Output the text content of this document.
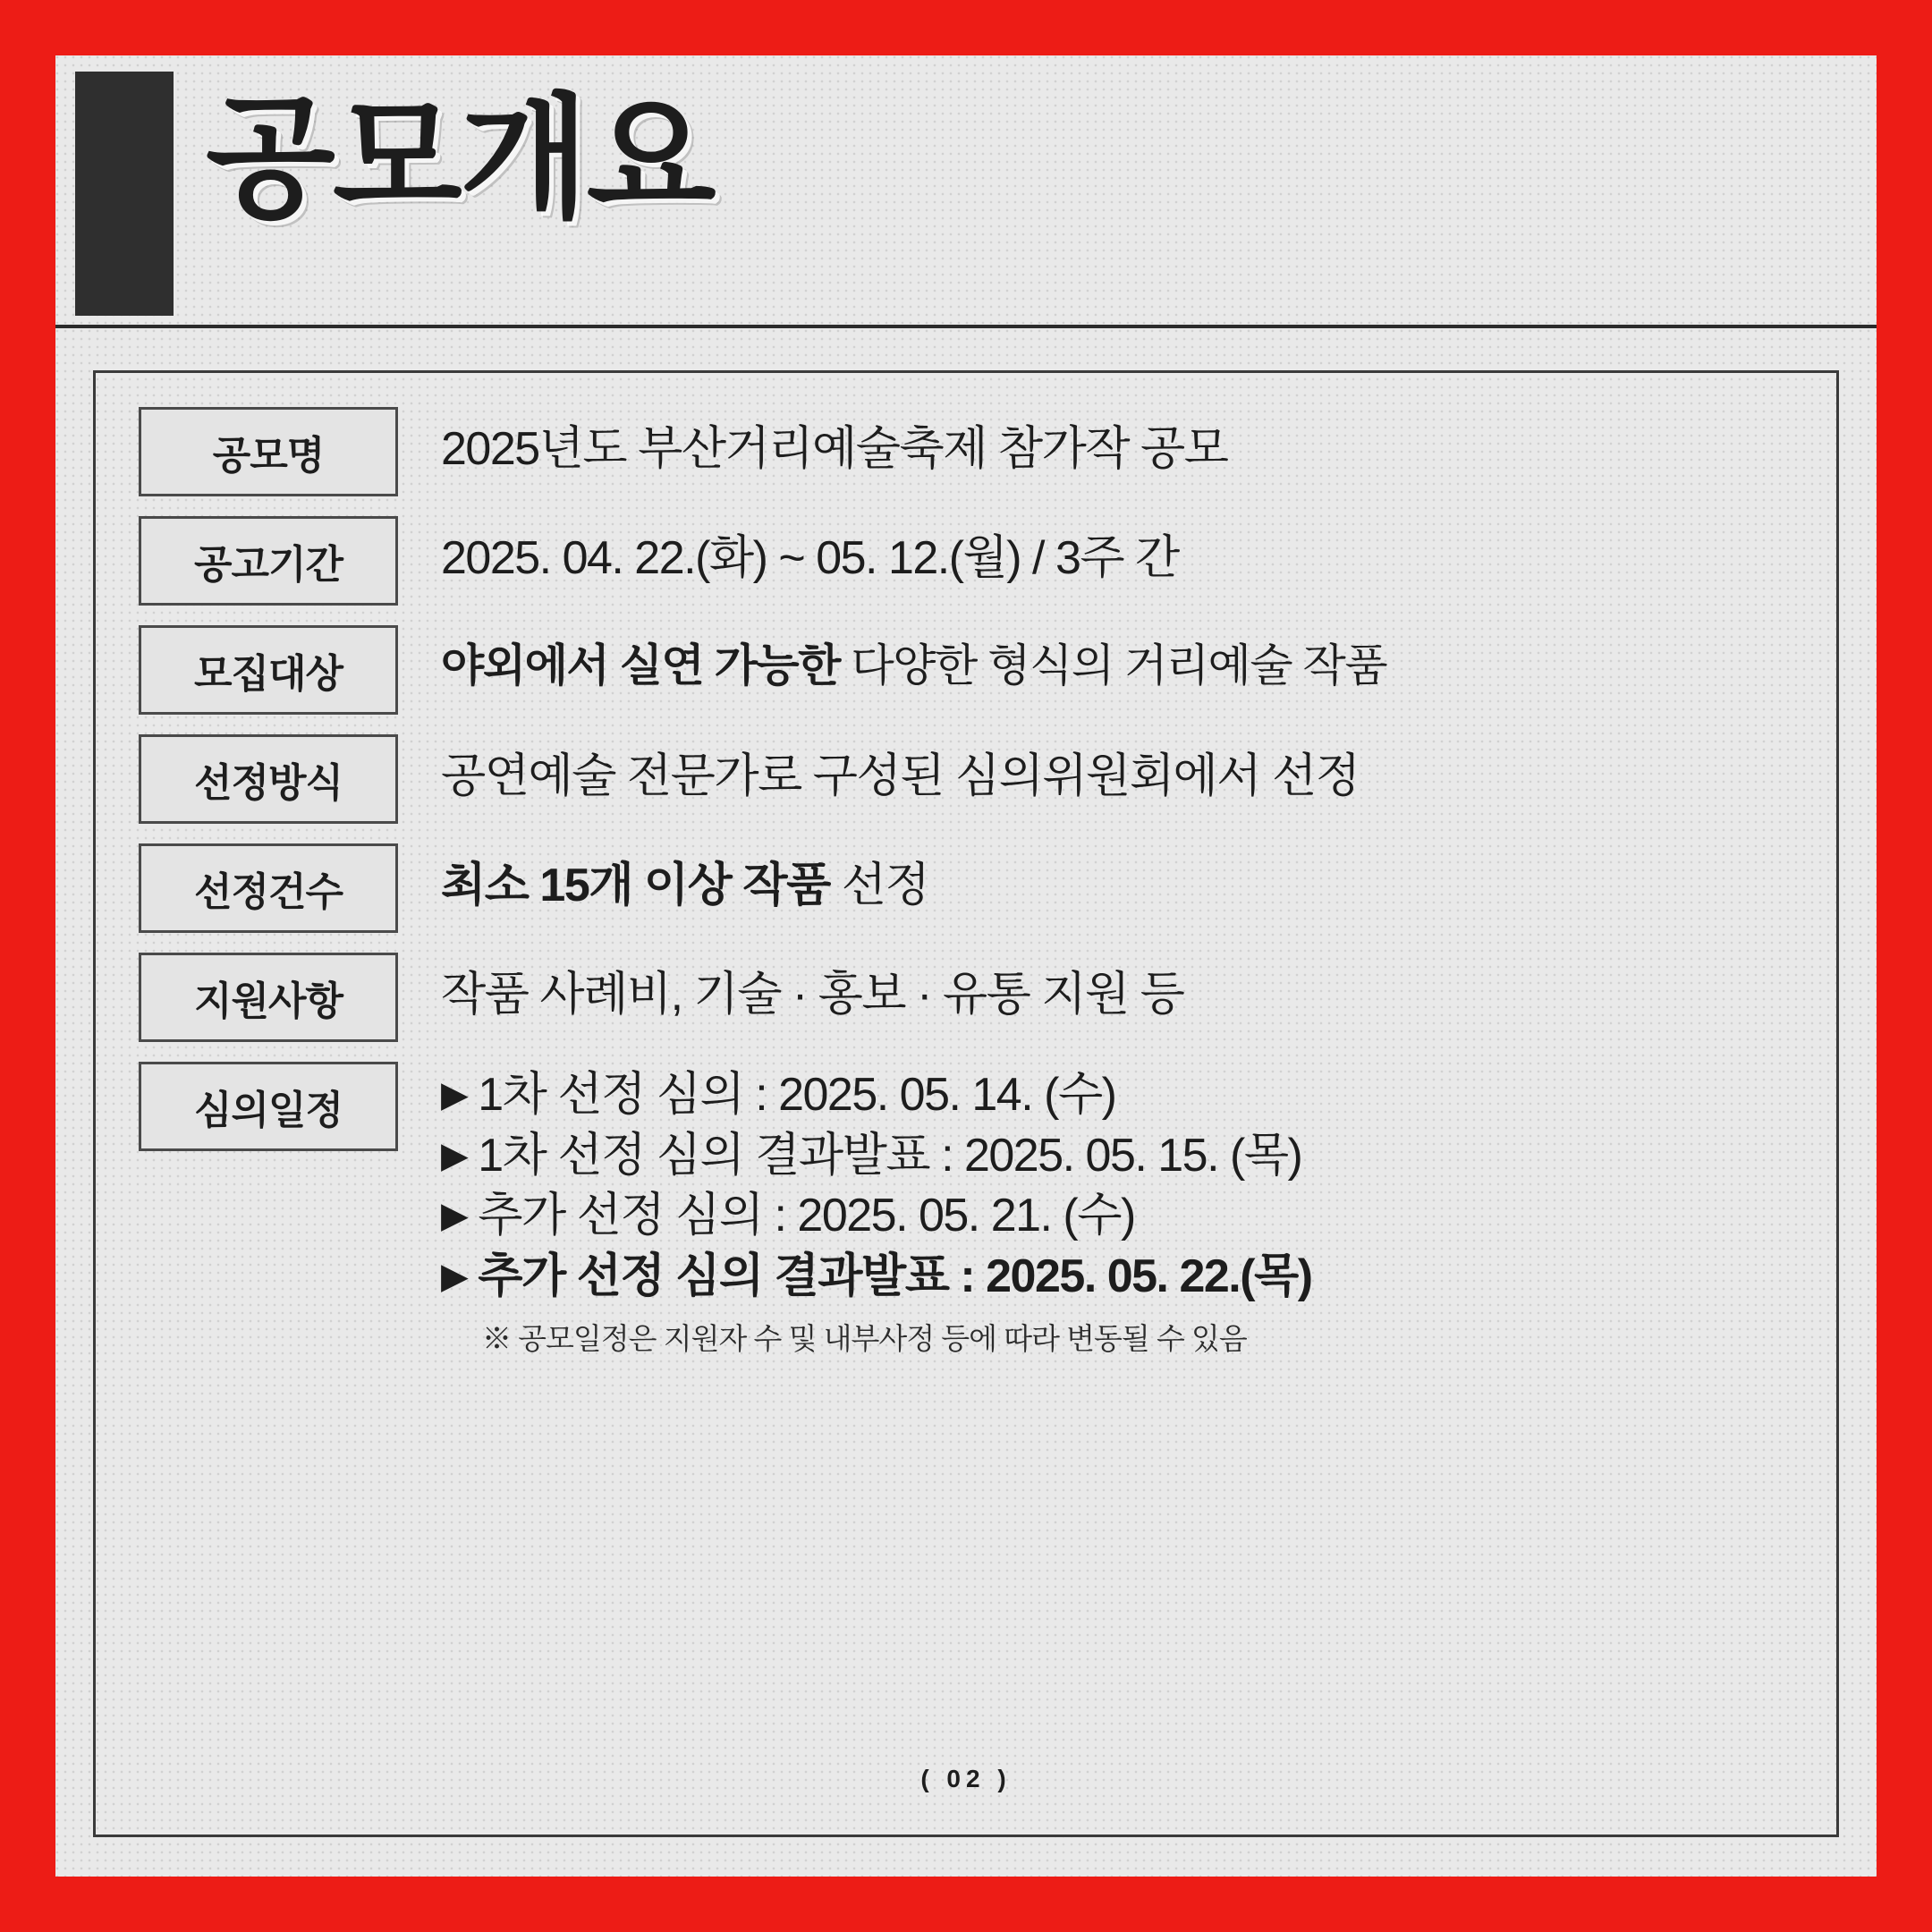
공모개요
공모명	2025년도 부산거리예술축제 참가작 공모
공고기간	2025. 04. 22.(화) ~ 05. 12.(월) / 3주 간
모집대상	야외에서 실연 가능한 다양한 형식의 거리예술 작품
선정방식	공연예술 전문가로 구성된 심의위원회에서 선정
선정건수	최소 15개 이상 작품 선정
지원사항	작품 사례비, 기술 · 홍보 · 유통 지원 등
심의일정	▶ 1차 선정 심의 : 2025. 05. 14. (수)
▶ 1차 선정 심의 결과발표 : 2025. 05. 15. (목)
▶ 추가 선정 심의 : 2025. 05. 21. (수)
▶ 추가 선정 심의 결과발표 : 2025. 05. 22.(목)
※ 공모일정은 지원자 수 및 내부사정 등에 따라 변동될 수 있음
( 02 )
